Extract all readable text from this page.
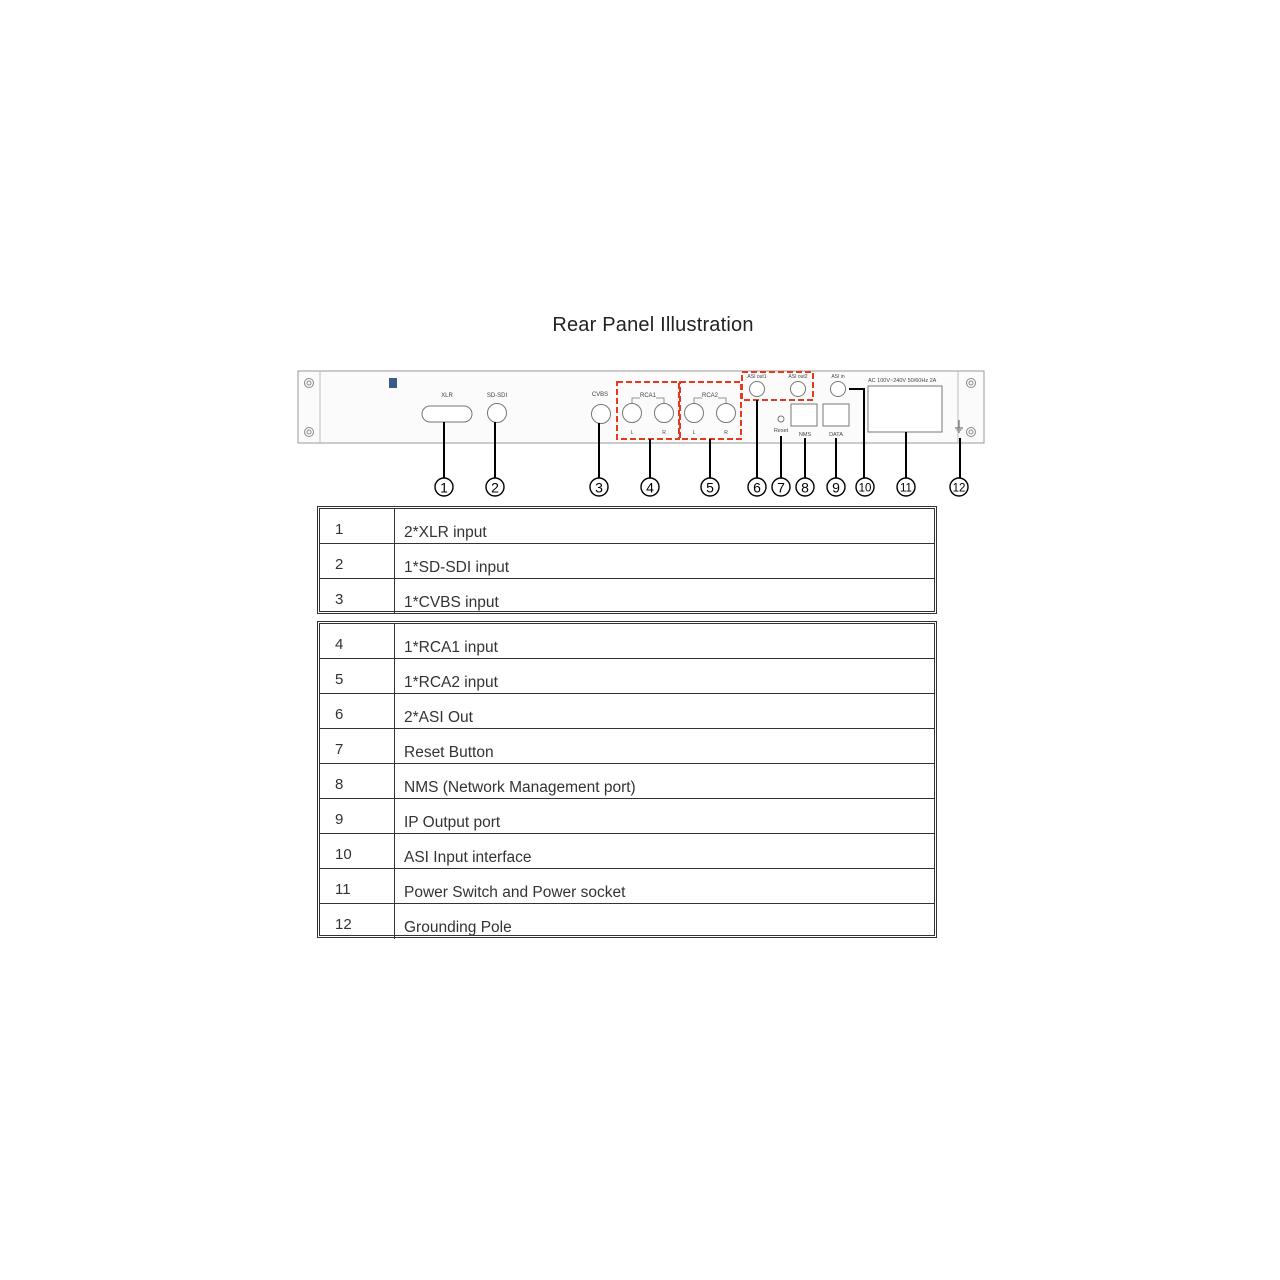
Rear Panel Illustration
XLR	SD-SDI	CVBS	RCA1
L	R
RCA2
L	R
ASI out1	ASI out2	ASI in
Reset
NMS	DATA
AC 100V~240V 50/60Hz 2A
1	2	3	4	5	6 7 8 9 10 11	12
1	2*XLR input
2	1*SD-SDI input
3	1*CVBS input
4	1*RCA1 input
5	1*RCA2 input
6	2*ASI Out
7	Reset Button
8	NMS (Network Management port)
9	IP Output port
10	ASI Input interface
11	Power Switch and Power socket
12	Grounding Pole
